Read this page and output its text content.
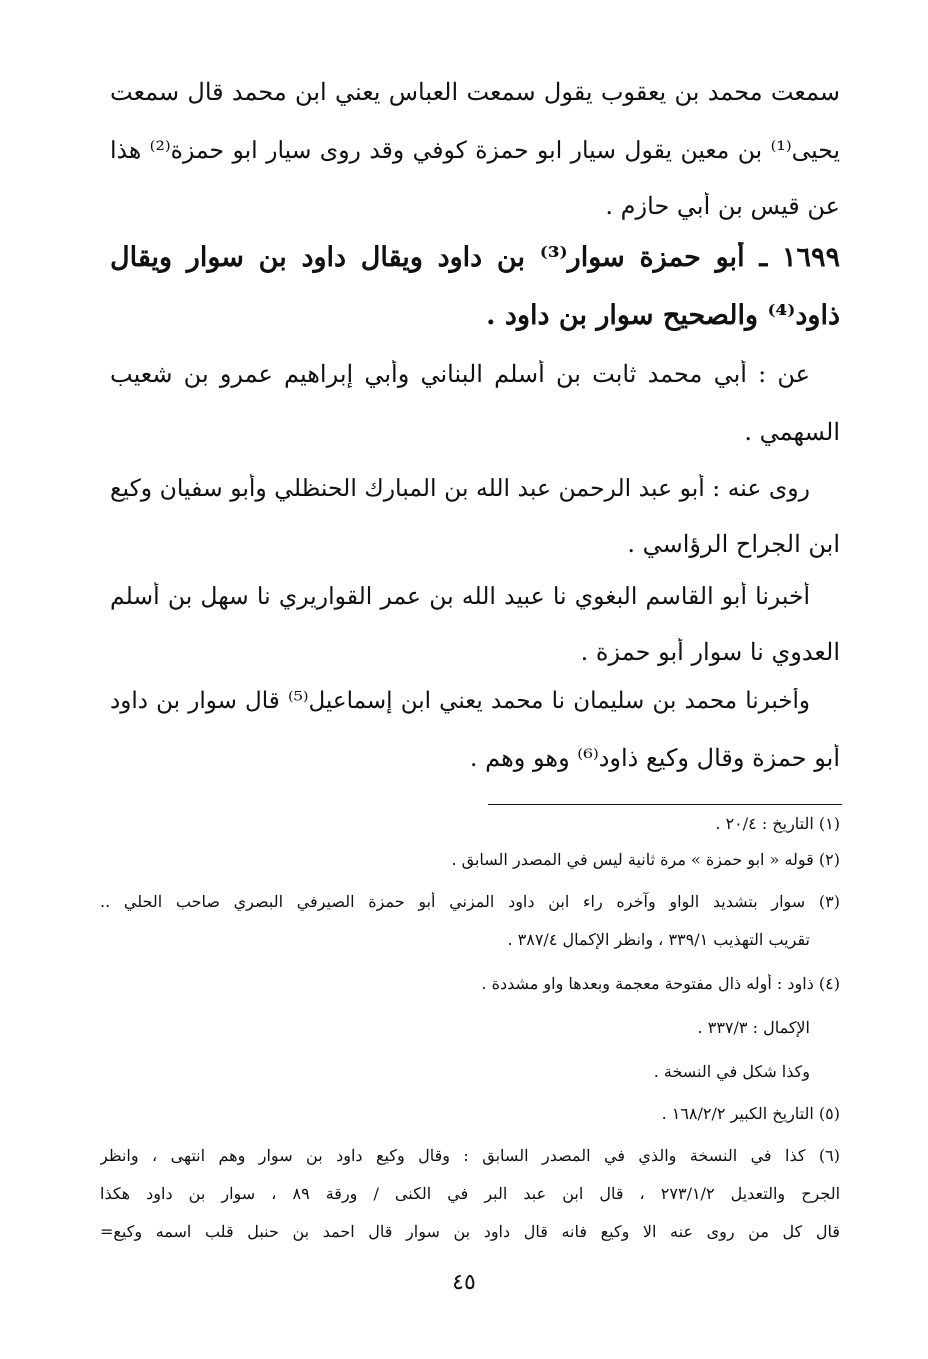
سمعت محمد بن يعقوب يقول سمعت العباس يعني ابن محمد قال سمعت
يحيى⁽¹⁾ بن معين يقول سيار ابو حمزة كوفي وقد روى سيار ابو حمزة⁽²⁾ هذا
عن قيس بن أبي حازم .
١٦٩٩ ـ أبو حمزة سوار⁽³⁾ بن داود ويقال داود بن سوار ويقال
ذاود⁽⁴⁾ والصحيح سوار بن داود .
عن : أبي محمد ثابت بن أسلم البناني وأبي إبراهيم عمرو بن شعيب
السهمي .
روى عنه : أبو عبد الرحمن عبد الله بن المبارك الحنظلي وأبو سفيان وكيع
ابن الجراح الرؤاسي .
أخبرنا أبو القاسم البغوي نا عبيد الله بن عمر القواريري نا سهل بن أسلم
العدوي نا سوار أبو حمزة .
وأخبرنا محمد بن سليمان نا محمد يعني ابن إسماعيل⁽⁵⁾ قال سوار بن داود
أبو حمزة وقال وكيع ذاود⁽⁶⁾ وهو وهم .
(١) التاريخ : ٢٠/٤ .
(٢) قوله « ابو حمزة » مرة ثانية ليس في المصدر السابق .
(٣) سوار بتشديد الواو وآخره راء ابن داود المزني أبو حمزة الصيرفي البصري صاحب الحلي ..
تقريب التهذيب ٣٣٩/١ ، وانظر الإكمال ٣٨٧/٤ .
(٤) ذاود : أوله ذال مفتوحة معجمة وبعدها واو مشددة .
الإكمال : ٣٣٧/٣ .
وكذا شكل في النسخة .
(٥) التاريخ الكبير ١٦٨/٢/٢ .
(٦) كذا في النسخة والذي في المصدر السابق : وقال وكيع داود بن سوار وهم انتهى ، وانظر
الجرح والتعديل ٢٧٣/١/٢ ، قال ابن عبد البر في الكنى / ورقة ٨٩ ، سوار بن داود هكذا
قال كل من روى عنه الا وكيع فانه قال داود بن سوار قال احمد بن حنبل قلب اسمه وكيع=
٤٥
